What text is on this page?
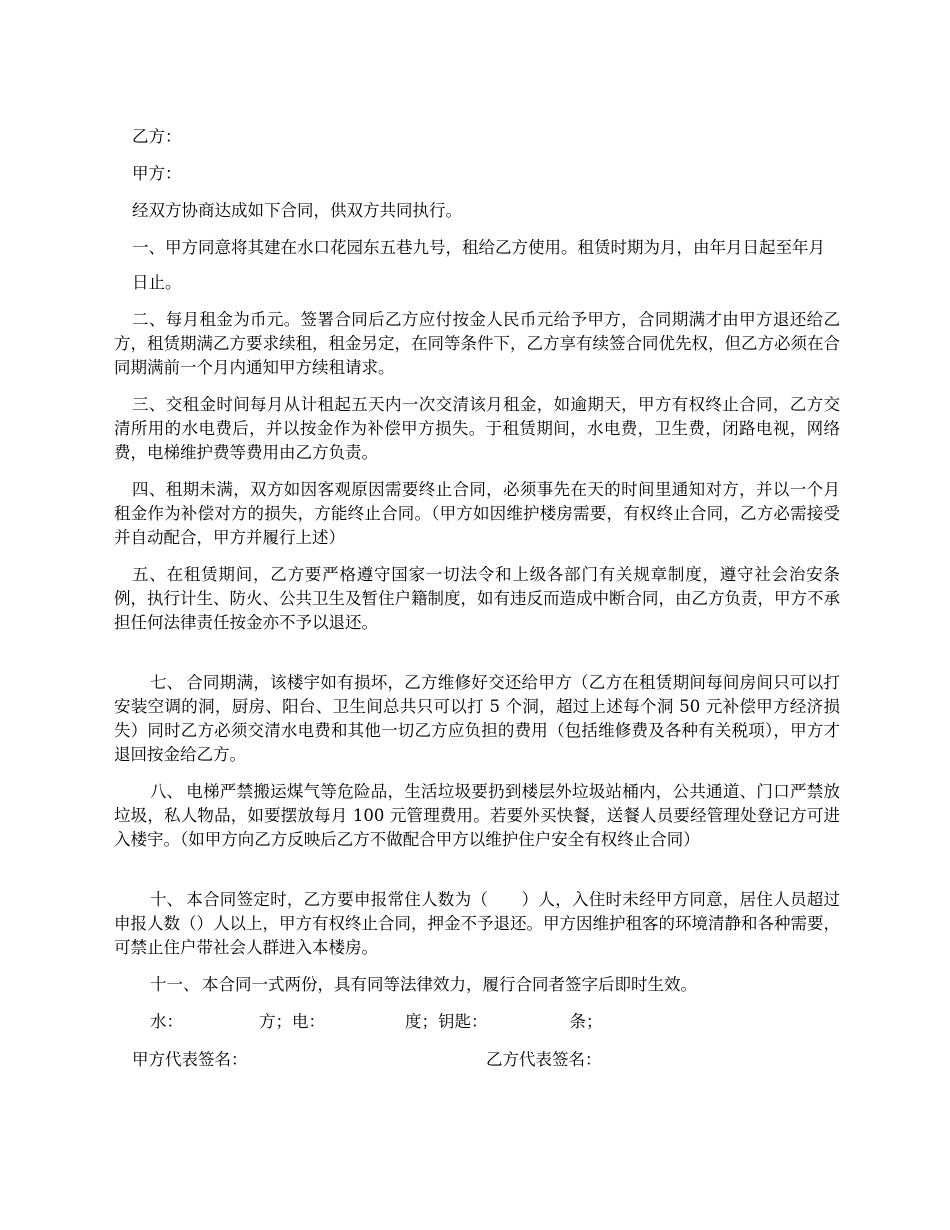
乙方：

甲方：

经双方协商达成如下合同，供双方共同执行。

一、甲方同意将其建在水口花园东五巷九号，租给乙方使用。租赁时期为月，由年月日起至年月

日止。

二、每月租金为币元。签署合同后乙方应付按金人民币元给予甲方，合同期满才由甲方退还给乙方，租赁期满乙方要求续租，租金另定，在同等条件下，乙方享有续签合同优先权，但乙方必须在合同期满前一个月内通知甲方续租请求。

三、交租金时间每月从计租起五天内一次交清该月租金，如逾期天，甲方有权终止合同，乙方交清所用的水电费后，并以按金作为补偿甲方损失。于租赁期间，水电费，卫生费，闭路电视，网络费，电梯维护费等费用由乙方负责。

四、租期未满，双方如因客观原因需要终止合同，必须事先在天的时间里通知对方，并以一个月租金作为补偿对方的损失，方能终止合同。（甲方如因维护楼房需要，有权终止合同，乙方必需接受并自动配合，甲方并履行上述）

五、在租赁期间，乙方要严格遵守国家一切法令和上级各部门有关规章制度，遵守社会治安条例，执行计生、防火、公共卫生及暂住户籍制度，如有违反而造成中断合同，由乙方负责，甲方不承担任何法律责任按金亦不予以退还。

七、 合同期满，该楼宇如有损坏，乙方维修好交还给甲方（乙方在租赁期间每间房间只可以打安装空调的洞，厨房、阳台、卫生间总共只可以打 5 个洞，超过上述每个洞 50 元补偿甲方经济损失）同时乙方必须交清水电费和其他一切乙方应负担的费用（包括维修费及各种有关税项），甲方才退回按金给乙方。

八、 电梯严禁搬运煤气等危险品，生活垃圾要扔到楼层外垃圾站桶内，公共通道、门口严禁放垃圾，私人物品，如要摆放每月 100 元管理费用。若要外买快餐，送餐人员要经管理处登记方可进入楼宇。（如甲方向乙方反映后乙方不做配合甲方以维护住户安全有权终止合同）

十、 本合同签定时，乙方要申报常住人数为（　　）人，入住时未经甲方同意，居住人员超过申报人数（）人以上，甲方有权终止合同，押金不予退还。甲方因维护租客的环境清静和各种需要，可禁止住户带社会人群进入本楼房。

十一、 本合同一式两份，具有同等法律效力，履行合同者签字后即时生效。

水：	方；电：	度；钥匙：	条；
甲方代表签名：	乙方代表签名：
